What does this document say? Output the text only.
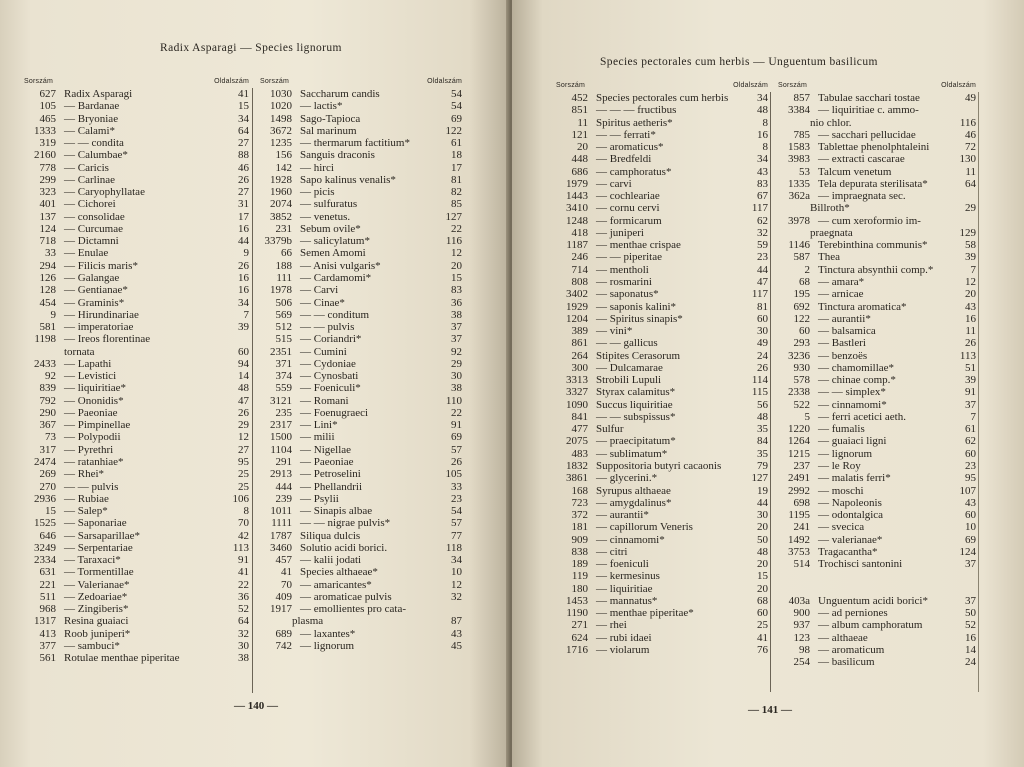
Radix Asparagi — Species lignorum
Sorszám	Oldalszám
627 Radix Asparagi	41
105 — Bardanae	15
465 — Bryoniae	34
1333 — Calami*	64
319 — — condita	27
2160 — Calumbae*	88
778 — Caricis	46
299 — Carlinae	26
323 — Caryophyllatae	27
401 — Cichorei	31
137 — consolidae	17
124 — Curcumae	16
718 — Dictamni	44
33 — Enulae	9
294 — Filicis maris*	26
126 — Galangae	16
128 — Gentianae*	16
454 — Graminis*	34
9 — Hirundinariae	7
581 — imperatoriae	39
1198 — Ireos florentinae
tornata	60
2433 — Lapathi	94
92 — Levistici	14
839 — liquiritiae*	48
792 — Ononidis*	47
290 — Paeoniae	26
367 — Pimpinellae	29
73 — Polypodii	12
317 — Pyrethri	27
2474 — ratanhiae*	95
269 — Rhei*	25
270 — — pulvis	25
2936 — Rubiae	106
15 — Salep*	8
1525 — Saponariae	70
646 — Sarsaparillae*	42
3249 — Serpentariae	113
2334 — Taraxaci*	91
631 — Tormentillae	41
221 — Valerianae*	22
511 — Zedoariae*	36
968 — Zingiberis*	52
1317 Resina guaiaci	64
413 Roob juniperi*	32
377 — sambuci*	30
561 Rotulae menthae piperitae	38
Sorszám	Oldalszám
1030 Saccharum candis	54
1020 — lactis*	54
1498 Sago-Tapioca	69
3672 Sal marinum	122
1235 — thermarum factitium*	61
156 Sanguis draconis	18
142 — hirci	17
1928 Sapo kalinus venalis*	81
1960 — picis	82
2074 — sulfuratus	85
3852 — venetus.	127
231 Sebum ovile*	22
3379b — salicylatum*	116
66 Semen Amomi	12
188 — Anisi vulgaris*	20
111 — Cardamomi*	15
1978 — Carvi	83
506 — Cinae*	36
569 — — conditum	38
512 — — pulvis	37
515 — Coriandri*	37
2351 — Cumini	92
371 — Cydoniae	29
374 — Cynosbati	30
559 — Foeniculi*	38
3121 — Romani	110
235 — Foenugraeci	22
2317 — Lini*	91
1500 — milii	69
1104 — Nigellae	57
291 — Paeoniae	26
2913 — Petroselini	105
444 — Phellandrii	33
239 — Psylii	23
1011 — Sinapis albae	54
1111 — — nigrae pulvis*	57
1787 Siliqua dulcis	77
3460 Solutio acidi borici.	118
457 — kalii jodati	34
41 Species althaeae*	10
70 — amaricantes*	12
409 — aromaticae pulvis	32
1917 — emollientes pro cata-
plasma	87
689 — laxantes*	43
742 — lignorum	45
— 140 —
Species pectorales cum herbis — Unguentum basilicum
Sorszám	Oldalszám
452 Species pectorales cum herbis	34
851 — — — fructibus	48
11 Spiritus aetheris*	8
121 — — ferrati*	16
20 — aromaticus*	8
448 — Bredfeldi	34
686 — camphoratus*	43
1979 — carvi	83
1443 — cochleariae	67
3410 — cornu cervi	117
1248 — formicarum	62
418 — juniperi	32
1187 — menthae crispae	59
246 — — piperitae	23
714 — mentholi	44
808 — rosmarini	47
3402 — saponatus*	117
1929 — saponis kalini*	81
1204 — Spiritus sinapis*	60
389 — vini*	30
861 — — gallicus	49
264 Stipites Cerasorum	24
300 — Dulcamarae	26
3313 Strobili Lupuli	114
3327 Styrax calamitus*	115
1090 Succus liquiritiae	56
841 — — subspissus*	48
477 Sulfur	35
2075 — praecipitatum*	84
483 — sublimatum*	35
1832 Suppositoria butyri cacaonis	79
3861 — glycerini.*	127
168 Syrupus althaeae	19
723 — amygdalinus*	44
372 — aurantii*	30
181 — capillorum Veneris	20
909 — cinnamomi*	50
838 — citri	48
189 — foeniculi	20
119 — kermesinus	15
180 — liquiritiae	20
1453 — mannatus*	68
1190 — menthae piperitae*	60
271 — rhei	25
624 — rubi idaei	41
1716 — violarum	76
Sorszám	Oldalszám
857 Tabulae sacchari tostae	49
3384 — liquiritiae c. ammo-
nio chlor.	116
785 — sacchari pellucidae	46
1583 Tablettae phenolphtaleini	72
3983 — extracti cascarae	130
53 Talcum venetum	11
1335 Tela depurata sterilisata*	64
362a — impraegnata sec.
Billroth*	29
3978 — cum xeroformio im-
praegnata	129
1146 Terebinthina communis*	58
587 Thea	39
2 Tinctura absynthii comp.*	7
68 — amara*	12
195 — arnicae	20
692 Tinctura aromatica*	43
122 — aurantii*	16
60 — balsamica	11
293 — Bastleri	26
3236 — benzoës	113
930 — chamomillae*	51
578 — chinae comp.*	39
2338 — — simplex*	91
522 — cinnamomi*	37
5 — ferri acetici aeth.	7
1220 — fumalis	61
1264 — guaiaci ligni	62
1215 — lignorum	60
237 — le Roy	23
2491 — malatis ferri*	95
2992 — moschi	107
698 — Napoleonis	43
1195 — odontalgica	60
241 — svecica	10
1492 — valerianae*	69
3753 Tragacantha*	124
514 Trochisci santonini	37
403a Unguentum acidi borici*	37
900 — ad perniones	50
937 — album camphoratum	52
123 — althaeae	16
98 — aromaticum	14
254 — basilicum	24
— 141 —
